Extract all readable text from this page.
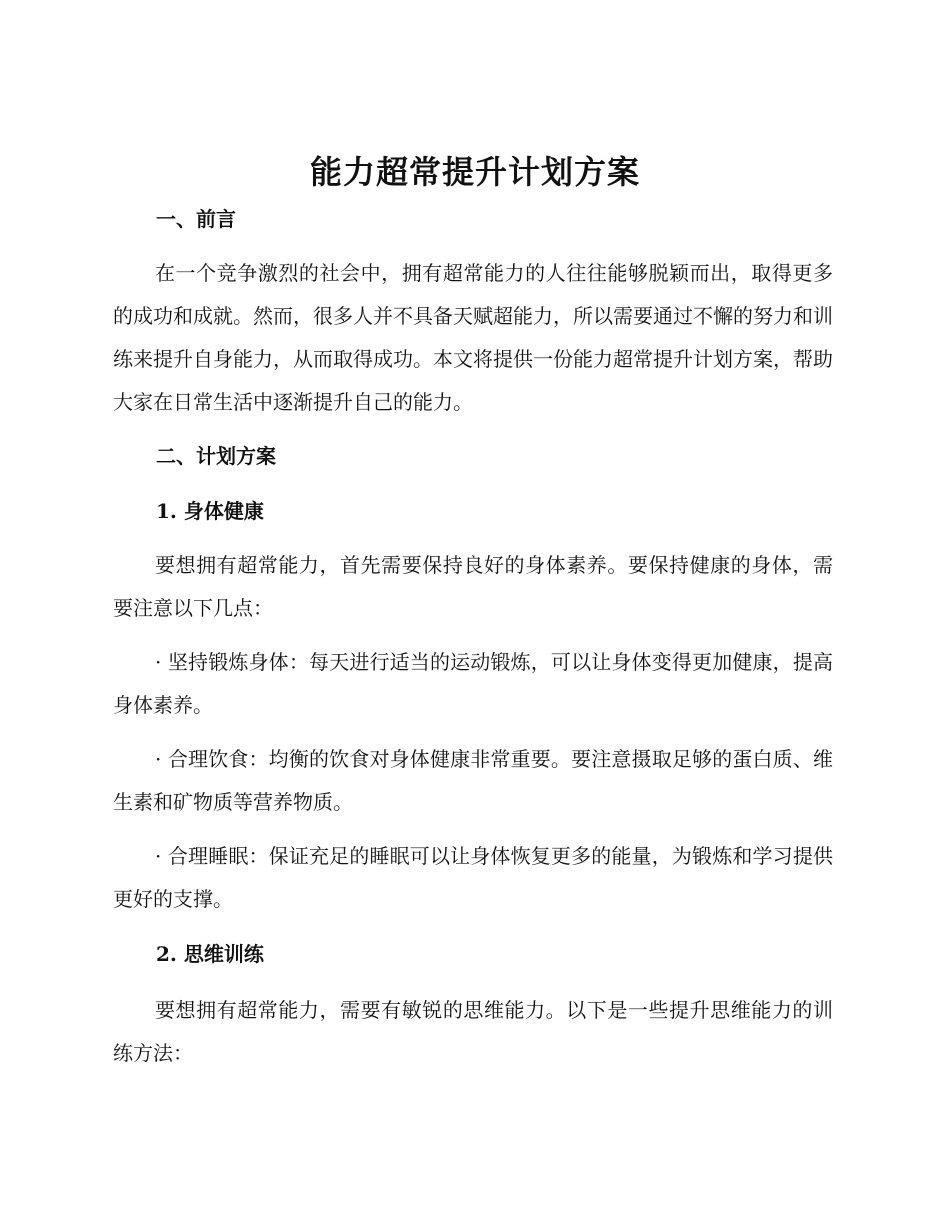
能力超常提升计划方案
一、前言

在一个竞争激烈的社会中，拥有超常能力的人往往能够脱颖而出，取得更多的成功和成就。然而，很多人并不具备天赋超能力，所以需要通过不懈的努力和训练来提升自身能力，从而取得成功。本文将提供一份能力超常提升计划方案，帮助大家在日常生活中逐渐提升自己的能力。

二、计划方案
1. 身体健康

要想拥有超常能力，首先需要保持良好的身体素养。要保持健康的身体，需要注意以下几点：

· 坚持锻炼身体：每天进行适当的运动锻炼，可以让身体变得更加健康，提高身体素养。

· 合理饮食：均衡的饮食对身体健康非常重要。要注意摄取足够的蛋白质、维生素和矿物质等营养物质。

· 合理睡眠：保证充足的睡眠可以让身体恢复更多的能量，为锻炼和学习提供更好的支撑。

2. 思维训练

要想拥有超常能力，需要有敏锐的思维能力。以下是一些提升思维能力的训练方法：
